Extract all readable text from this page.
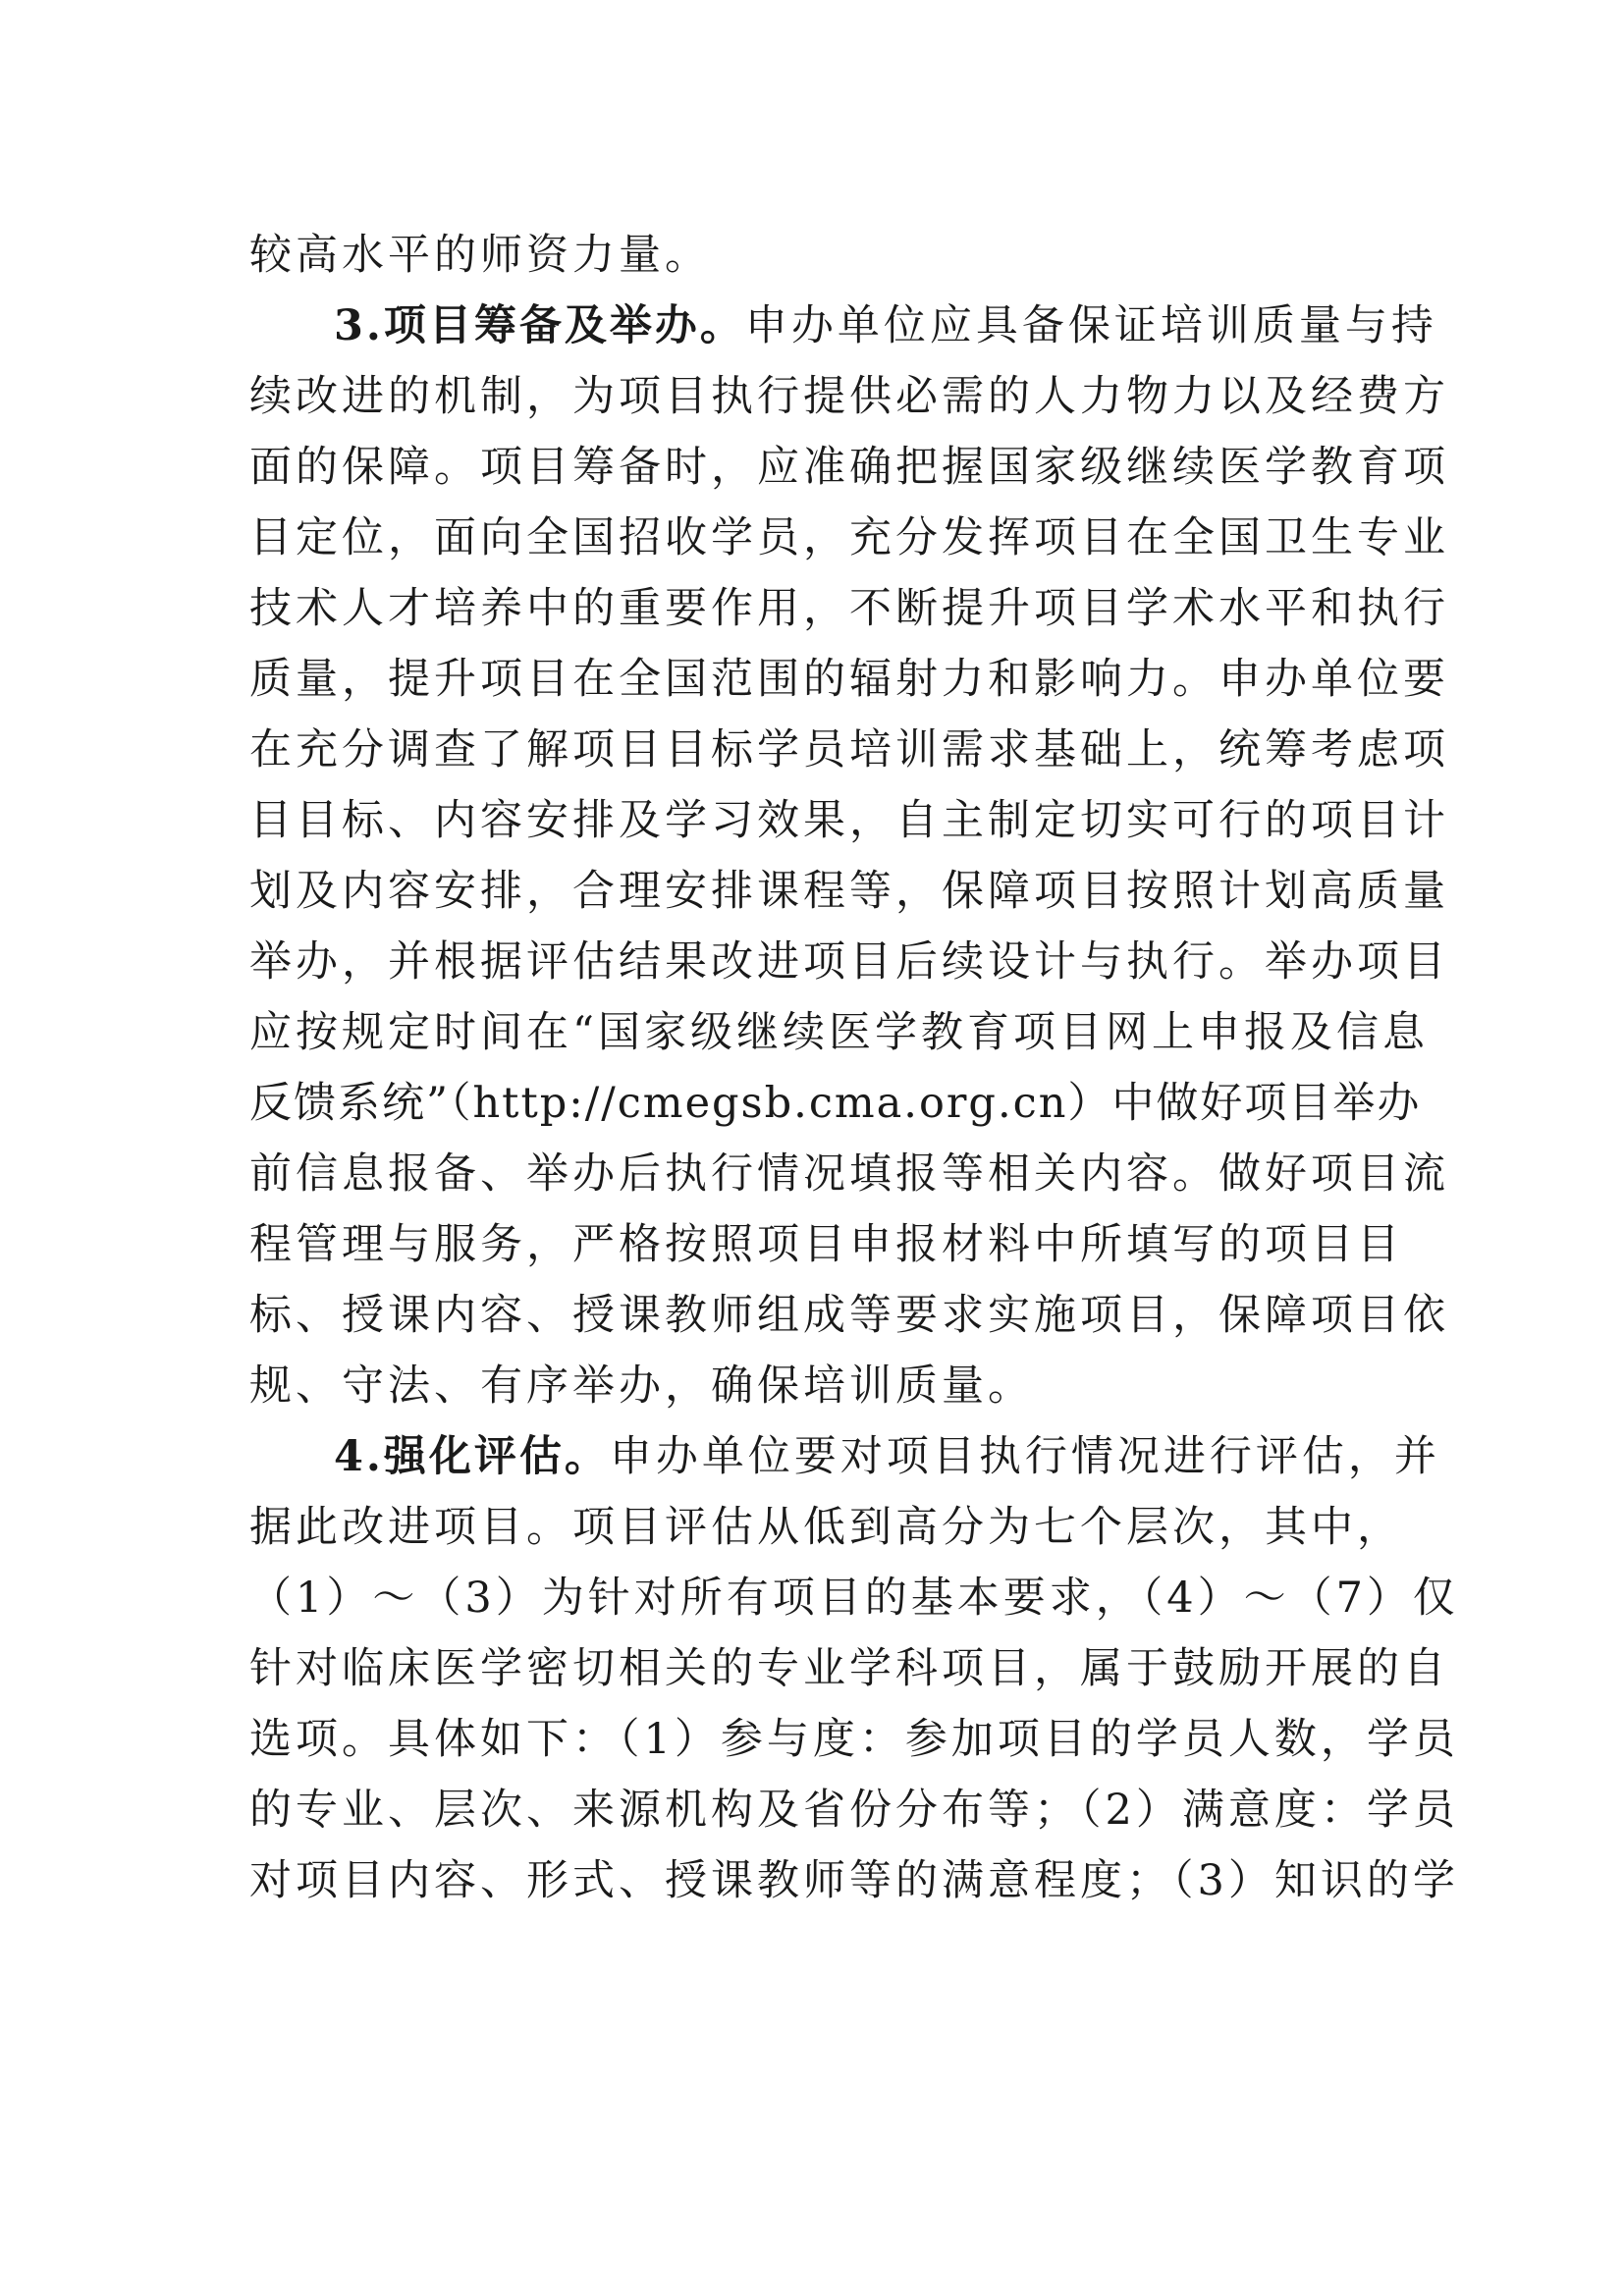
较高水平的师资力量。
3.项目筹备及举办。申办单位应具备保证培训质量与持
续改进的机制，为项目执行提供必需的人力物力以及经费方
面的保障。项目筹备时，应准确把握国家级继续医学教育项
目定位，面向全国招收学员，充分发挥项目在全国卫生专业
技术人才培养中的重要作用，不断提升项目学术水平和执行
质量，提升项目在全国范围的辐射力和影响力。申办单位要
在充分调查了解项目目标学员培训需求基础上，统筹考虑项
目目标、内容安排及学习效果，自主制定切实可行的项目计
划及内容安排，合理安排课程等，保障项目按照计划高质量
举办，并根据评估结果改进项目后续设计与执行。举办项目
应按规定时间在“国家级继续医学教育项目网上申报及信息
反馈系统”（http://cmegsb.cma.org.cn）中做好项目举办
前信息报备、举办后执行情况填报等相关内容。做好项目流
程管理与服务，严格按照项目申报材料中所填写的项目目
标、授课内容、授课教师组成等要求实施项目，保障项目依
规、守法、有序举办，确保培训质量。
4.强化评估。申办单位要对项目执行情况进行评估，并
据此改进项目。项目评估从低到高分为七个层次，其中，
（1）～（3）为针对所有项目的基本要求，（4）～（7）仅
针对临床医学密切相关的专业学科项目，属于鼓励开展的自
选项。具体如下：（1）参与度：参加项目的学员人数，学员
的专业、层次、来源机构及省份分布等；（2）满意度：学员
对项目内容、形式、授课教师等的满意程度；（3）知识的学
